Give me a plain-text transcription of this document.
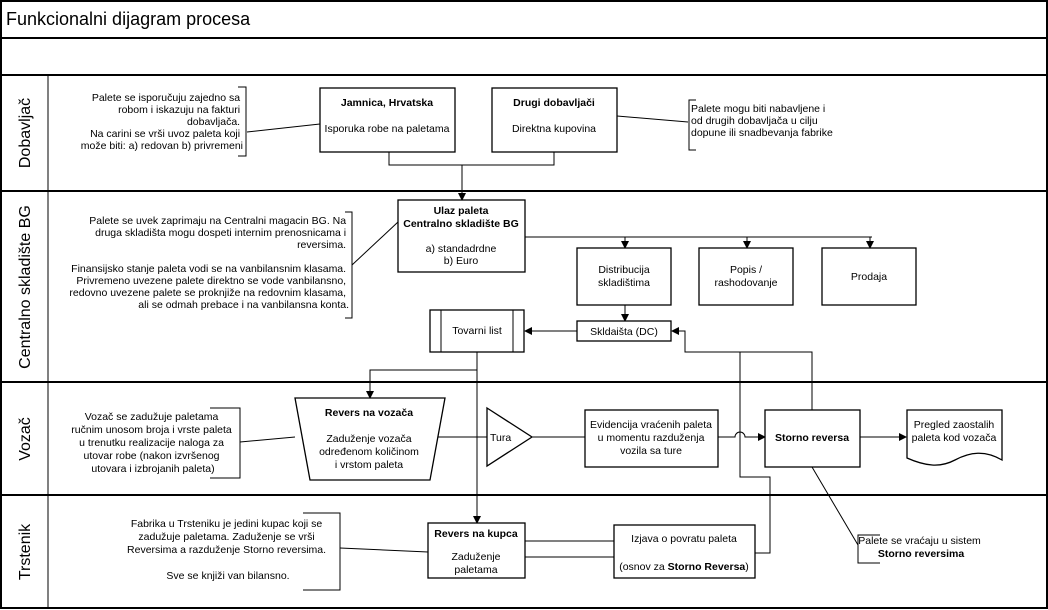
Funkcionalni dijagram procesa
Dobavljač
Centralno skladište BG
Vozač
Trstenik
Palete se isporučuju zajedno sa robom i iskazuju na fakturi dobavljača. Na carini se vrši uvoz paleta koji može biti: a) redovan b) privremeni
Palete mogu biti nabavljene i od drugih dobavljača u cilju dopune ili snadbevanja fabrike
Palete se uvek zaprimaju na Centralni magacin BG. Na druga skladišta mogu dospeti internim prenosnicama i reversima. Finansijsko stanje paleta vodi se na vanbilansnim klasama. Privremeno uvezene palete direktno se vode vanbilansno, redovno uvezene palete se proknjiže na redovnim klasama, ali se odmah prebace i na vanbilansna konta.
Vozač se zadužuje paletama ručnim unosom broja i vrste paleta u trenutku realizacije naloga za utovar robe (nakon izvršenog utovara i izbrojanih paleta)
Fabrika u Trsteniku je jedini kupac koji se zadužuje paletama. Zaduženje se vrši Reversima a razduženje Storno reversima. Sve se knjiži van bilansno.
Palete se vraćaju u sistem Storno reversima
Jamnica, Hrvatska
Isporuka robe na paletama
Drugi dobavljači
Direktna kupovina
Ulaz paleta Centralno skladište BG
a) standadrdne b) Euro
Distribucija skladištima
Popis / rashodovanje	Prodaja
Skldaišta (DC)
Tovarni list
Revers na vozača
Zaduženje vozača određenom količinom i vrstom paleta
Tura
Evidencija vraćenih paleta u momentu razduženja vozila sa ture
Storno reversa
Pregled zaostalih paleta kod vozača
Revers na kupca
Zaduženje paletama
Izjava o povratu paleta
(osnov za Storno Reversa)
